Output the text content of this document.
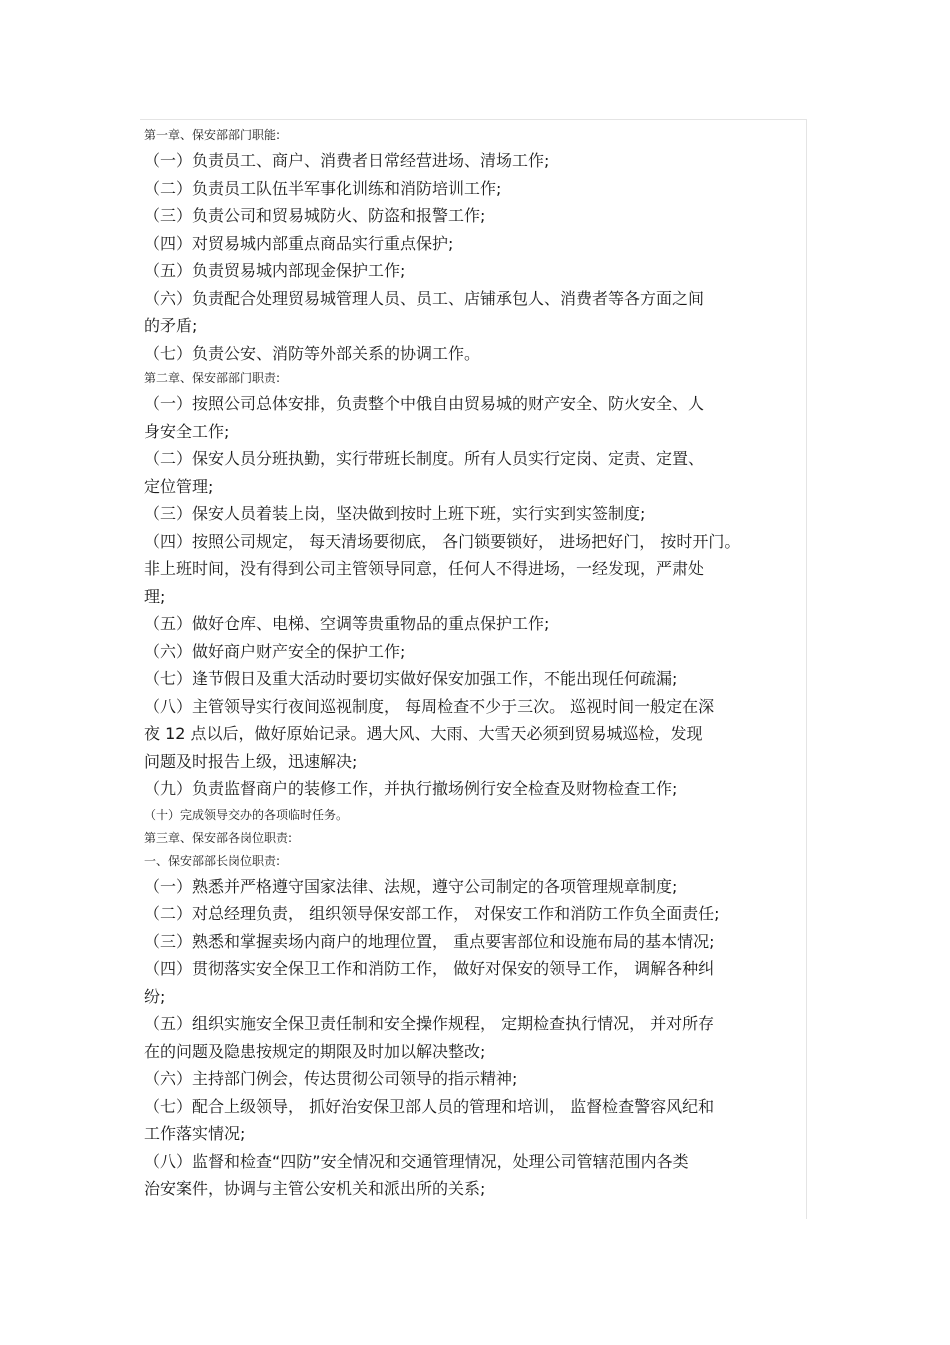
第一章、保安部部门职能:
（一）负责员工、商户、消费者日常经营进场、清场工作;
（二）负责员工队伍半军事化训练和消防培训工作;
（三）负责公司和贸易城防火、防盗和报警工作;
（四）对贸易城内部重点商品实行重点保护;
（五）负责贸易城内部现金保护工作;
（六）负责配合处理贸易城管理人员、员工、店铺承包人、消费者等各方面之间
的矛盾;
（七）负责公安、消防等外部关系的协调工作。
第二章、保安部部门职责:
（一）按照公司总体安排，负责整个中俄自由贸易城的财产安全、防火安全、人
身安全工作;
（二）保安人员分班执勤，实行带班长制度。所有人员实行定岗、定责、定置、
定位管理;
（三）保安人员着装上岗，坚决做到按时上班下班，实行实到实签制度;
（四）按照公司规定， 每天清场要彻底， 各门锁要锁好， 进场把好门， 按时开门。
非上班时间，没有得到公司主管领导同意，任何人不得进场，一经发现，严肃处
理;
（五）做好仓库、电梯、空调等贵重物品的重点保护工作;
（六）做好商户财产安全的保护工作;
（七）逢节假日及重大活动时要切实做好保安加强工作，不能出现任何疏漏;
（八）主管领导实行夜间巡视制度， 每周检查不少于三次。 巡视时间一般定在深
夜 12 点以后，做好原始记录。遇大风、大雨、大雪天必须到贸易城巡检，发现
问题及时报告上级，迅速解决;
（九）负责监督商户的装修工作，并执行撤场例行安全检查及财物检查工作;
（十）完成领导交办的各项临时任务。
第三章、保安部各岗位职责:
一、保安部部长岗位职责:
（一）熟悉并严格遵守国家法律、法规，遵守公司制定的各项管理规章制度;
（二）对总经理负责， 组织领导保安部工作， 对保安工作和消防工作负全面责任;
（三）熟悉和掌握卖场内商户的地理位置， 重点要害部位和设施布局的基本情况;
（四）贯彻落实安全保卫工作和消防工作， 做好对保安的领导工作， 调解各种纠
纷;
（五）组织实施安全保卫责任制和安全操作规程， 定期检查执行情况， 并对所存
在的问题及隐患按规定的期限及时加以解决整改;
（六）主持部门例会，传达贯彻公司领导的指示精神;
（七）配合上级领导， 抓好治安保卫部人员的管理和培训， 监督检查警容风纪和
工作落实情况;
（八）监督和检查“四防”安全情况和交通管理情况，处理公司管辖范围内各类
治安案件，协调与主管公安机关和派出所的关系;
